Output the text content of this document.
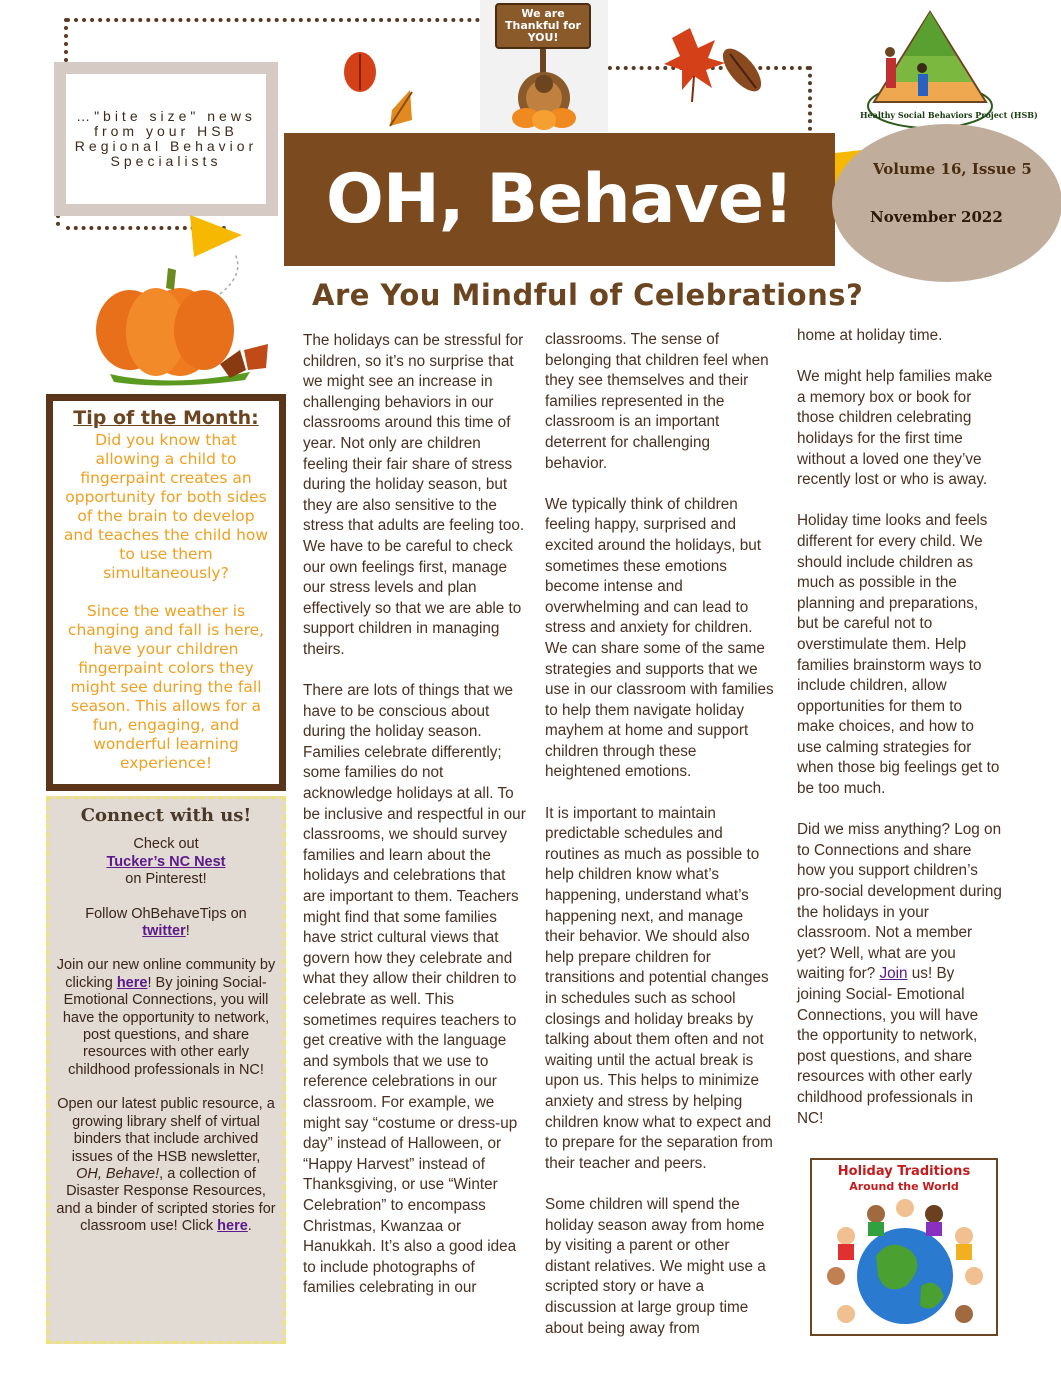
…"bite size" news from your HSB Regional Behavior Specialists
We are Thankful for YOU!
OH, Behave!
Healthy Social Behaviors Project (HSB)
Volume 16, Issue 5
November 2022
Are You Mindful of Celebrations?
Tip of the Month:
Did you know that allowing a child to fingerpaint creates an opportunity for both sides of the brain to develop and teaches the child how to use them simultaneously?
Since the weather is changing and fall is here, have your children fingerpaint colors they might see during the fall season. This allows for a fun, engaging, and wonderful learning experience!
Connect with us!
Check out
Tucker’s NC Nest
on Pinterest!
Follow OhBehaveTips on
twitter!
Join our new online community by clicking here! By joining Social- Emotional Connections, you will have the opportunity to network, post questions, and share resources with other early childhood professionals in NC!
Open our latest public resource, a growing library shelf of virtual binders that include archived issues of the HSB newsletter,
OH, Behave!, a collection of Disaster Response Resources, and a binder of scripted stories for classroom use! Click here.

The holidays can be stressful for children, so it’s no surprise that we might see an increase in challenging behaviors in our classrooms around this time of year. Not only are children feeling their fair share of stress during the holiday season, but they are also sensitive to the stress that adults are feeling too. We have to be careful to check our own feelings first, manage our stress levels and plan effectively so that we are able to support children in managing theirs.

There are lots of things that we have to be conscious about during the holiday season. Families celebrate differently; some families do not acknowledge holidays at all. To be inclusive and respectful in our classrooms, we should survey families and learn about the holidays and celebrations that are important to them. Teachers might find that some families have strict cultural views that govern how they celebrate and what they allow their children to celebrate as well. This sometimes requires teachers to get creative with the language and symbols that we use to reference celebrations in our classroom. For example, we might say “costume or dress-up day” instead of Halloween, or “Happy Harvest” instead of Thanksgiving, or use “Winter Celebration” to encompass Christmas, Kwanzaa or Hanukkah. It’s also a good idea to include photographs of families celebrating in our

classrooms. The sense of belonging that children feel when they see themselves and their families represented in the classroom is an important deterrent for challenging behavior.

We typically think of children feeling happy, surprised and excited around the holidays, but sometimes these emotions become intense and overwhelming and can lead to stress and anxiety for children. We can share some of the same strategies and supports that we use in our classroom with families to help them navigate holiday mayhem at home and support children through these heightened emotions.

It is important to maintain predictable schedules and routines as much as possible to help children know what’s happening, understand what’s happening next, and manage their behavior. We should also help prepare children for transitions and potential changes in schedules such as school closings and holiday breaks by talking about them often and not waiting until the actual break is upon us. This helps to minimize anxiety and stress by helping children know what to expect and to prepare for the separation from their teacher and peers.

Some children will spend the holiday season away from home by visiting a parent or other distant relatives. We might use a scripted story or have a discussion at large group time about being away from

home at holiday time.

We might help families make a memory box or book for those children celebrating holidays for the first time without a loved one they’ve recently lost or who is away.

Holiday time looks and feels different for every child. We should include children as much as possible in the planning and preparations, but be careful not to overstimulate them. Help families brainstorm ways to include children, allow opportunities for them to make choices, and how to use calming strategies for when those big feelings get to be too much.

Did we miss anything? Log on to Connections and share how you support children’s pro-social development during the holidays in your classroom. Not a member yet? Well, what are you waiting for? Join us! By joining Social- Emotional Connections, you will have the opportunity to network, post questions, and share resources with other early childhood professionals in NC!

Holiday Traditions
Around the World
